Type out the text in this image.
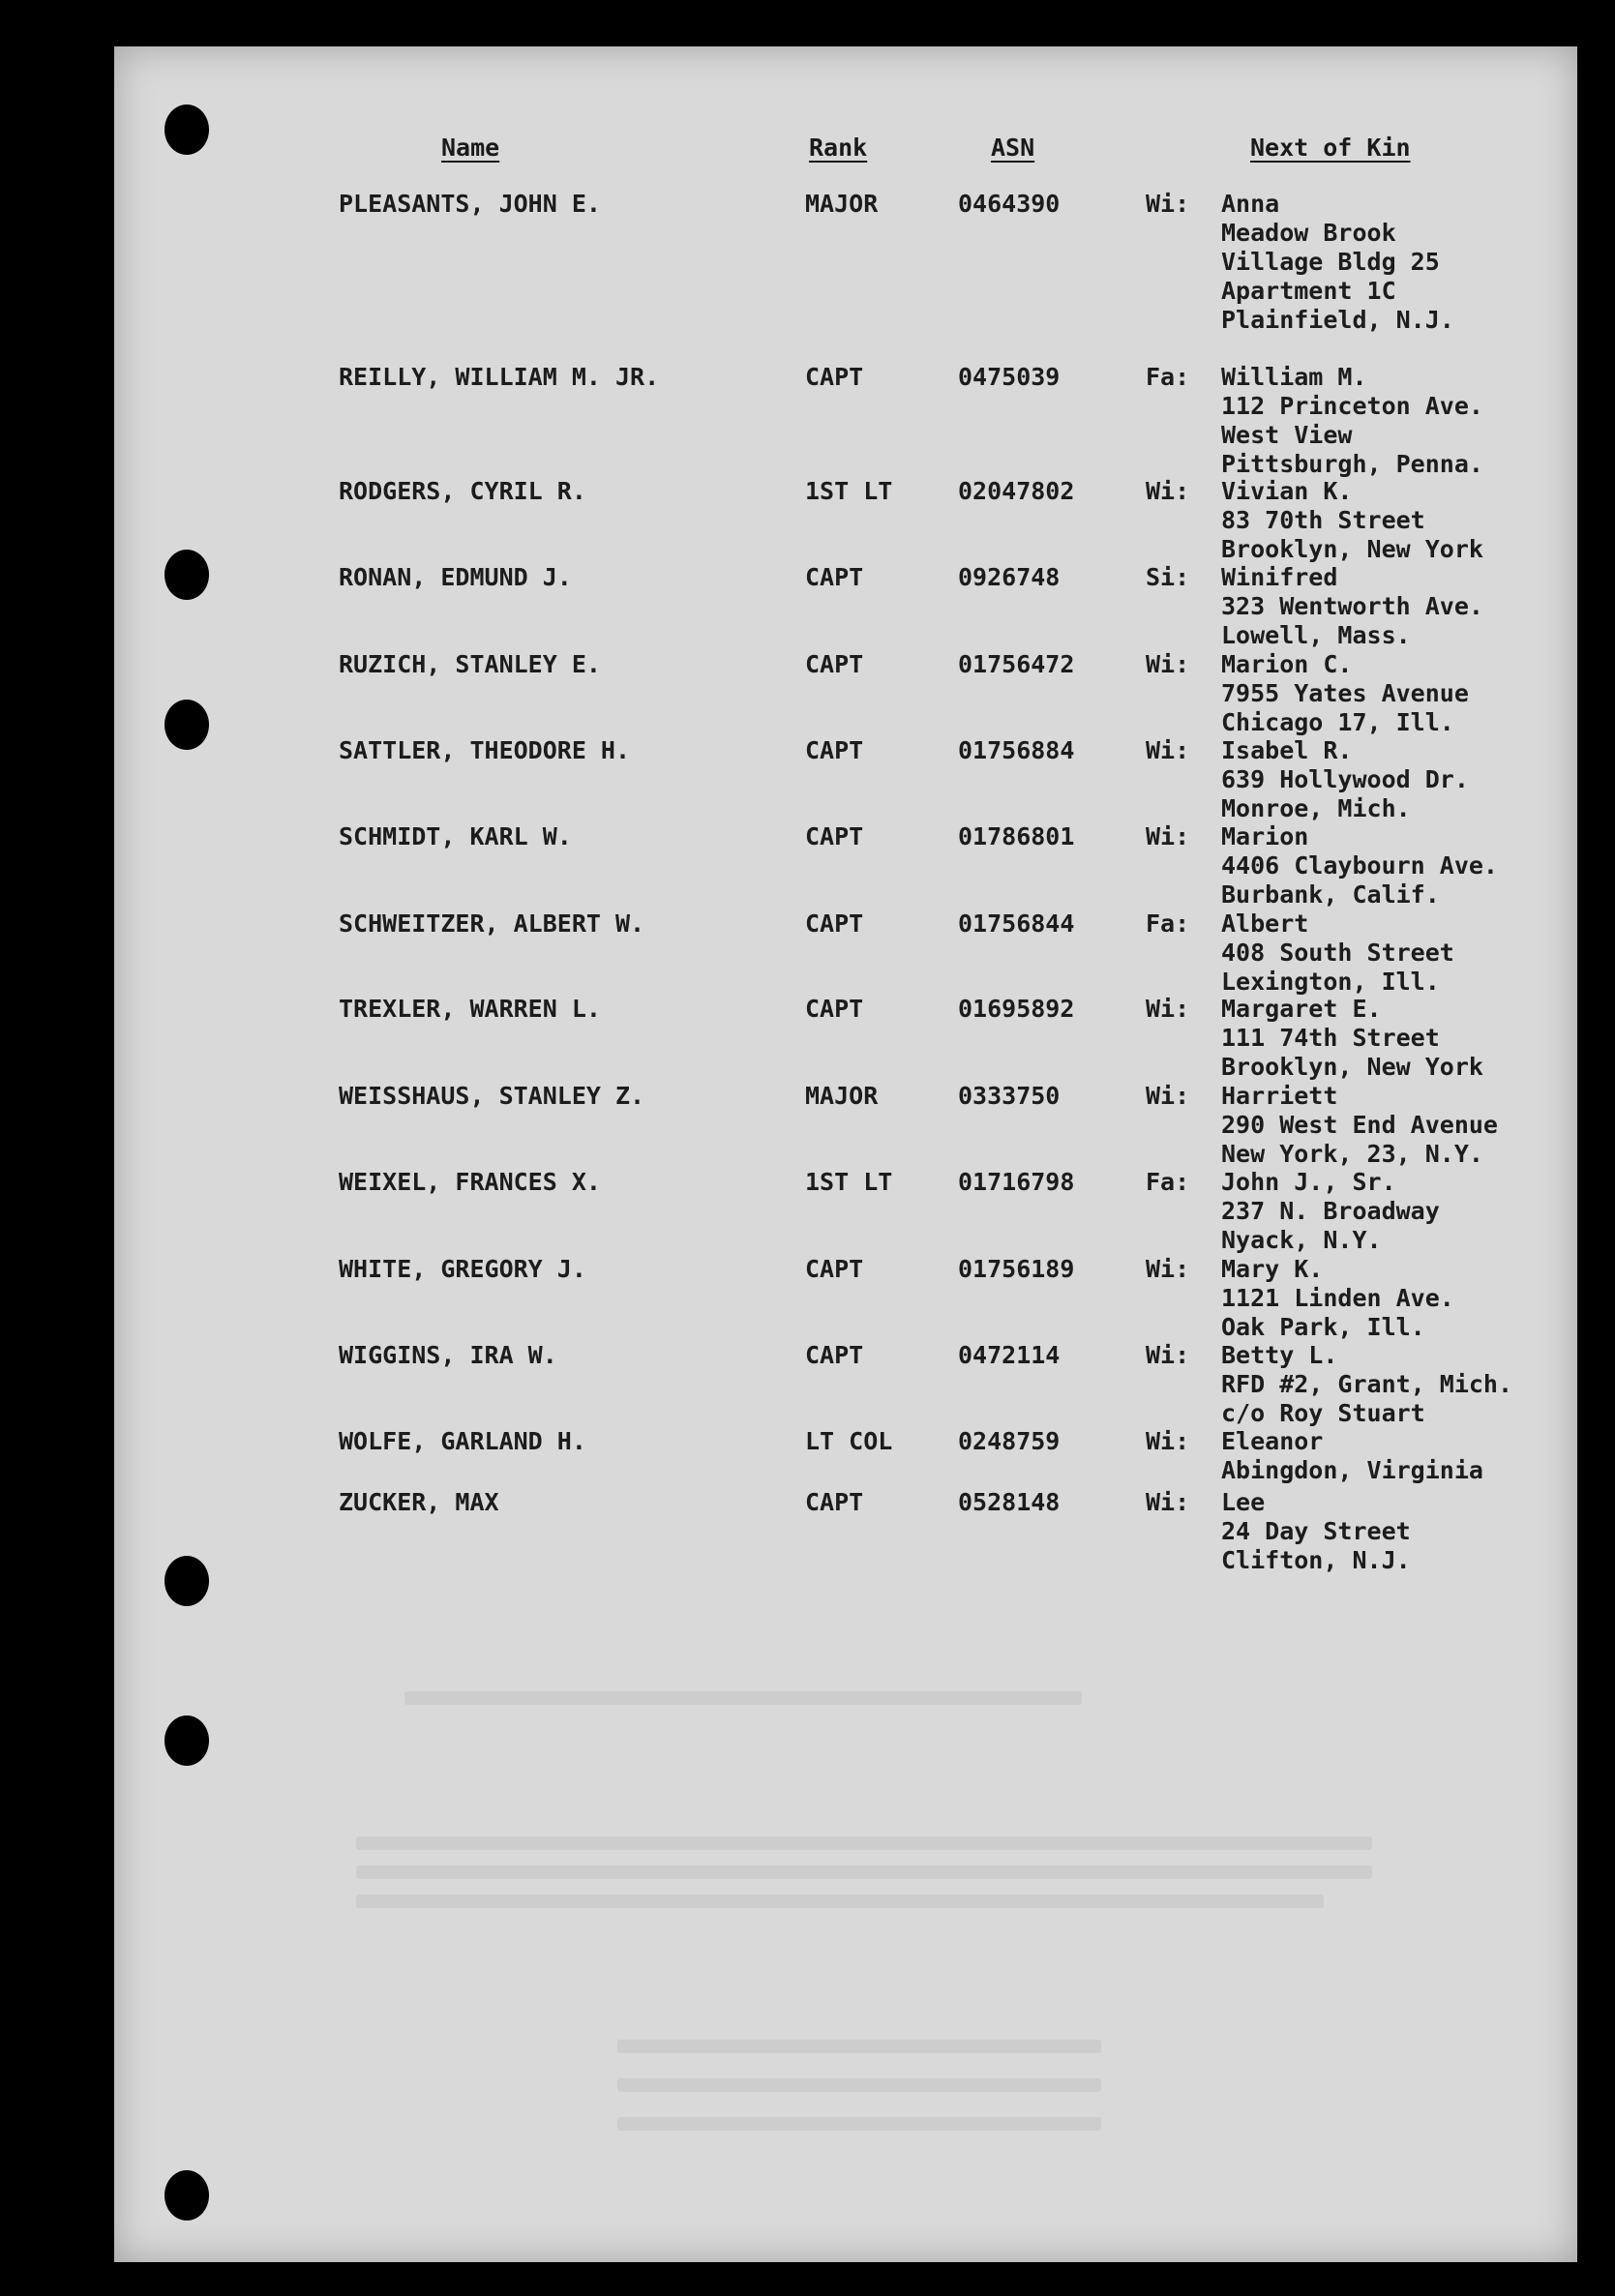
Name	Rank	ASN	Next of Kin
PLEASANTS, JOHN E.	MAJOR	0464390	Wi: Anna
Meadow Brook
Village Bldg 25
Apartment 1C
Plainfield, N.J.
REILLY, WILLIAM M. JR.	CAPT	0475039	Fa: William M.
112 Princeton Ave.
West View
Pittsburgh, Penna.
RODGERS, CYRIL R.	1ST LT	02047802	Wi: Vivian K.
83 70th Street
Brooklyn, New York
RONAN, EDMUND J.	CAPT	0926748	Si: Winifred
323 Wentworth Ave.
Lowell, Mass.
RUZICH, STANLEY E.	CAPT	01756472	Wi: Marion C.
7955 Yates Avenue
Chicago 17, Ill.
SATTLER, THEODORE H.	CAPT	01756884	Wi: Isabel R.
639 Hollywood Dr.
Monroe, Mich.
SCHMIDT, KARL W.	CAPT	01786801	Wi: Marion
4406 Claybourn Ave.
Burbank, Calif.
SCHWEITZER, ALBERT W.	CAPT	01756844	Fa: Albert
408 South Street
Lexington, Ill.
TREXLER, WARREN L.	CAPT	01695892	Wi: Margaret E.
111 74th Street
Brooklyn, New York
WEISSHAUS, STANLEY Z.	MAJOR	0333750	Wi: Harriett
290 West End Avenue
New York, 23, N.Y.
WEIXEL, FRANCES X.	1ST LT	01716798	Fa: John J., Sr.
237 N. Broadway
Nyack, N.Y.
WHITE, GREGORY J.	CAPT	01756189	Wi: Mary K.
1121 Linden Ave.
Oak Park, Ill.
WIGGINS, IRA W.	CAPT	0472114	Wi: Betty L.
RFD #2, Grant, Mich.
c/o Roy Stuart
WOLFE, GARLAND H.	LT COL	0248759	Wi: Eleanor
Abingdon, Virginia
ZUCKER, MAX	CAPT	0528148	Wi: Lee
24 Day Street
Clifton, N.J.
